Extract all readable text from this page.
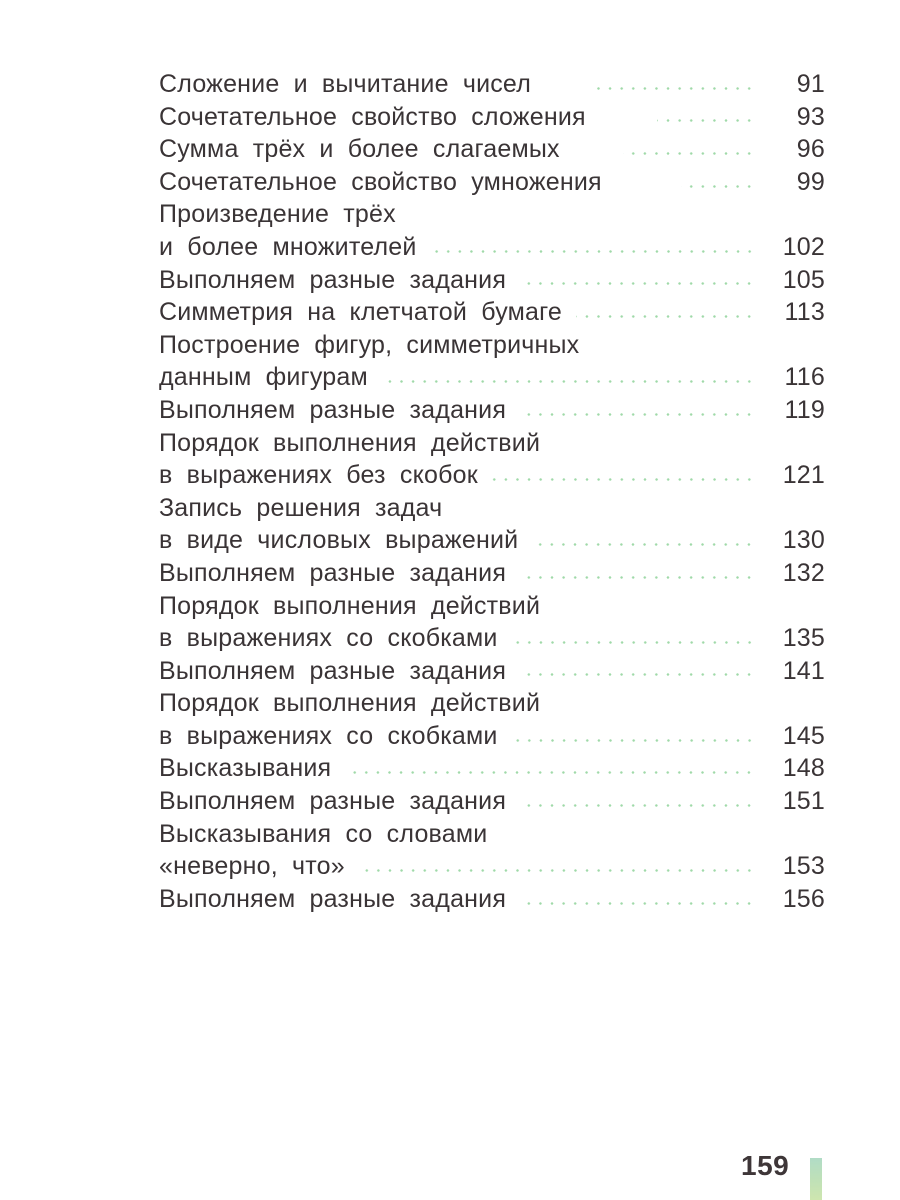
Сложение и вычитание чисел	91
Сочетательное свойство сложения	93
Сумма трёх и более слагаемых	96
Сочетательное свойство умножения	99
Произведение трёх
и более множителей	102
Выполняем разные задания	105
Симметрия на клетчатой бумаге	113
Построение фигур, симметричных
данным фигурам	116
Выполняем разные задания	119
Порядок выполнения действий
в выражениях без скобок	121
Запись решения задач
в виде числовых выражений	130
Выполняем разные задания	132
Порядок выполнения действий
в выражениях со скобками	135
Выполняем разные задания	141
Порядок выполнения действий
в выражениях со скобками	145
Высказывания	148
Выполняем разные задания	151
Высказывания со словами
«неверно, что»	153
Выполняем разные задания	156
159
